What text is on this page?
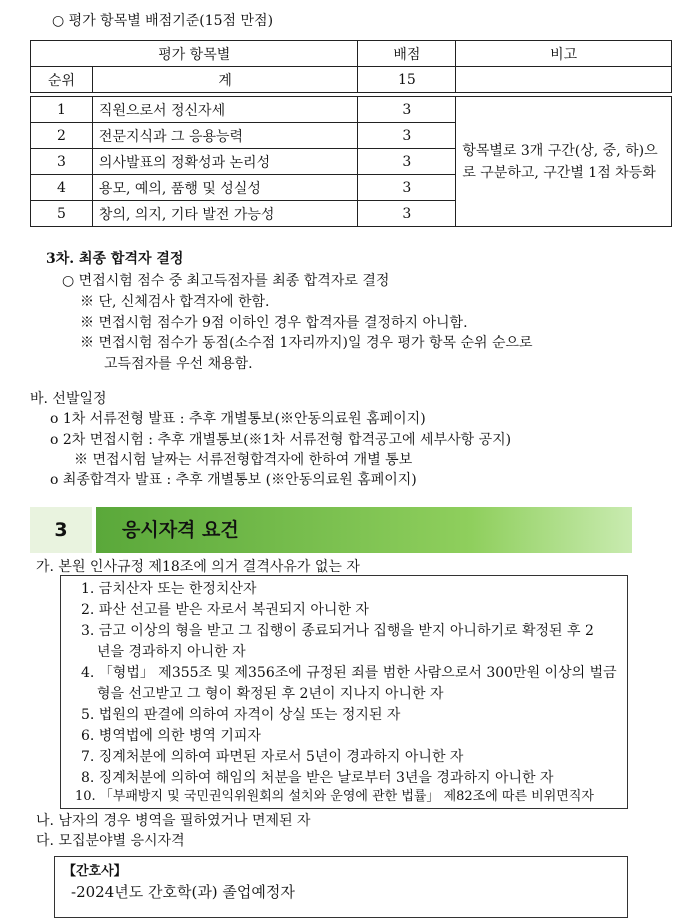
○ 평가 항목별 배점기준(15점 만점)
평가 항목별		배점	비고
순위	계	15	

1	직원으로서 정신자세	3	항목별로 3개 구간(상, 중, 하)으로 구분하고, 구간별 1점 차등화
2	전문지식과 그 응용능력	3	
3	의사발표의 정확성과 논리성	3	
4	용모, 예의, 품행 및 성실성	3	
5	창의, 의지, 기타 발전 가능성	3	
3차. 최종 합격자 결정
○ 면접시험 점수 중 최고득점자를 최종 합격자로 결정
※ 단, 신체검사 합격자에 한함.
※ 면접시험 점수가 9점 이하인 경우 합격자를 결정하지 아니함.
※ 면접시험 점수가 동점(소수점 1자리까지)일 경우 평가 항목 순위 순으로
고득점자를 우선 채용함.
바. 선발일정
o 1차 서류전형 발표 : 추후 개별통보(※안동의료원 홈페이지)
o 2차 면접시험 : 추후 개별통보(※1차 서류전형 합격공고에 세부사항 공지)
※ 면접시험 날짜는 서류전형합격자에 한하여 개별 통보
o 최종합격자 발표 : 추후 개별통보 (※안동의료원 홈페이지)
3	응시자격 요건
가. 본원 인사규정 제18조에 의거 결격사유가 없는 자
1. 금치산자 또는 한정치산자
2. 파산 선고를 받은 자로서 복권되지 아니한 자
3. 금고 이상의 형을 받고 그 집행이 종료되거나 집행을 받지 아니하기로 확정된 후 2
년을 경과하지 아니한 자
4. 「형법」 제355조 및 제356조에 규정된 죄를 범한 사람으로서 300만원 이상의 벌금
형을 선고받고 그 형이 확정된 후 2년이 지나지 아니한 자
5. 법원의 판결에 의하여 자격이 상실 또는 정지된 자
6. 병역법에 의한 병역 기피자
7. 징계처분에 의하여 파면된 자로서 5년이 경과하지 아니한 자
8. 징계처분에 의하여 해임의 처분을 받은 날로부터 3년을 경과하지 아니한 자
10. 「부패방지 및 국민권익위원회의 설치와 운영에 관한 법률」 제82조에 따른 비위면직자
나. 남자의 경우 병역을 필하였거나 면제된 자
다. 모집분야별 응시자격
【간호사】
-2024년도 간호학(과) 졸업예정자
